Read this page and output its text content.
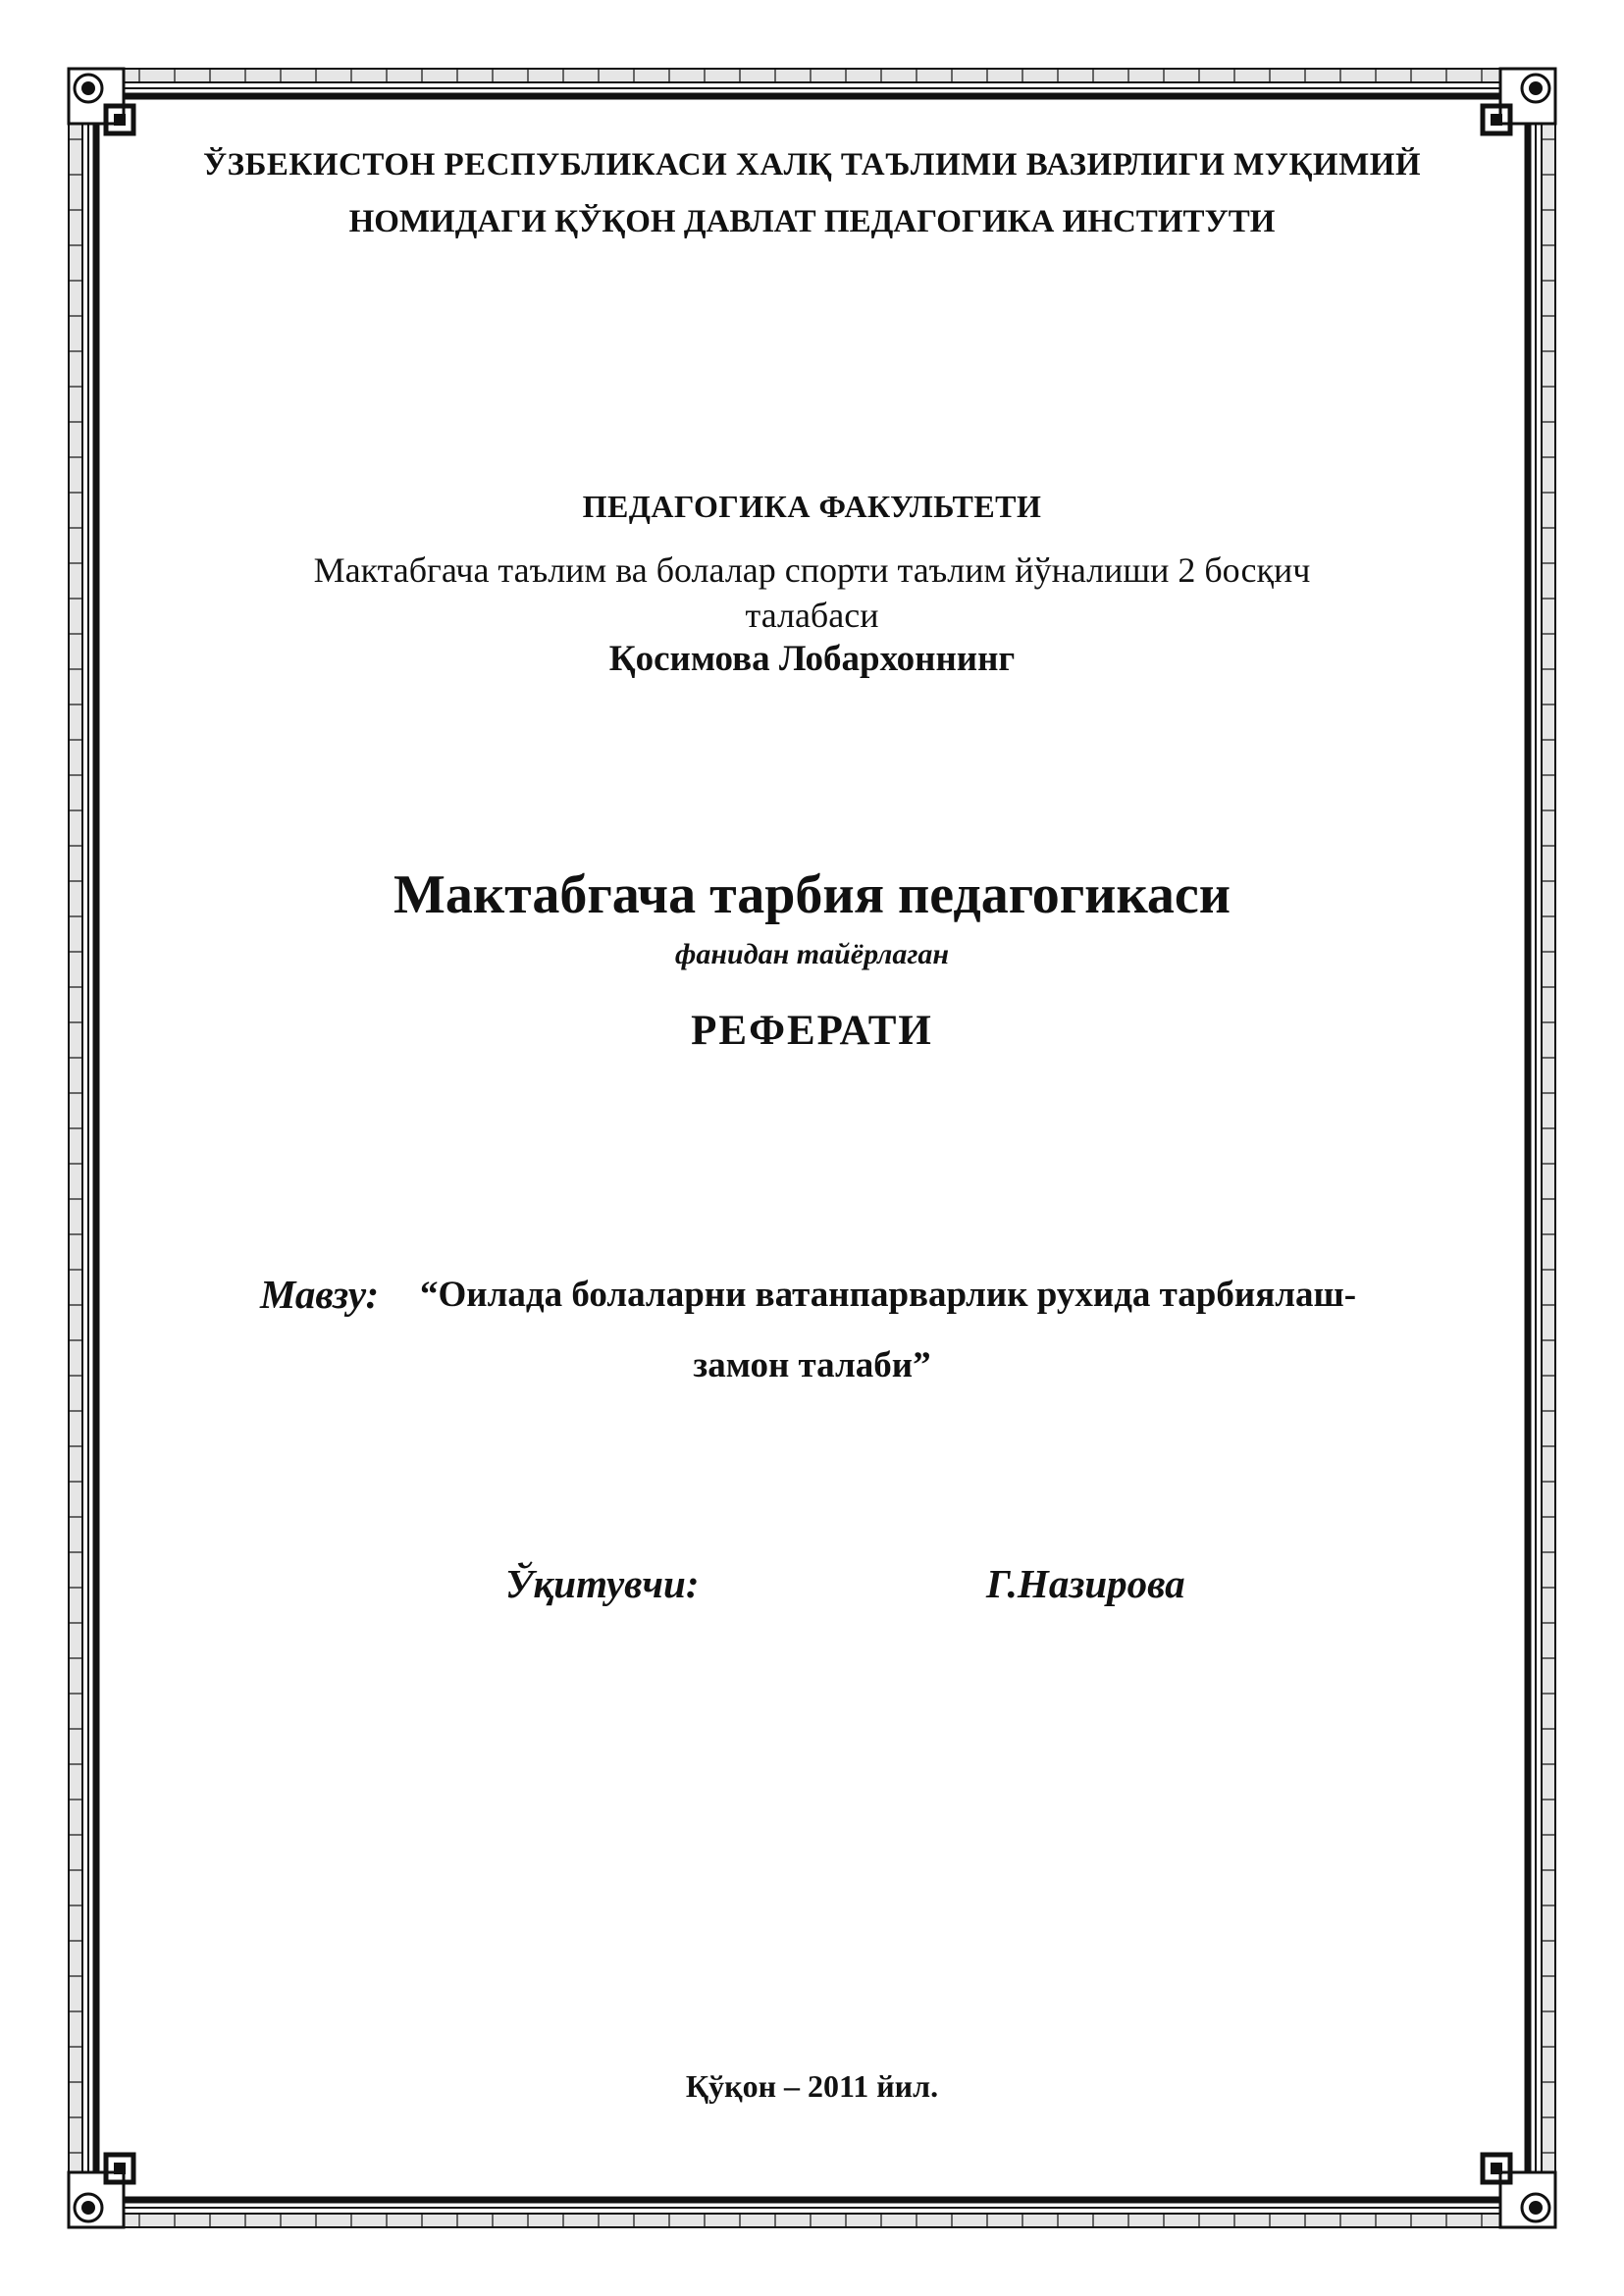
ЎЗБЕКИСТОН РЕСПУБЛИКАСИ ХАЛҚ ТАЪЛИМИ ВАЗИРЛИГИ МУҚИМИЙ

НОМИДАГИ ҚЎҚОН ДАВЛАТ ПЕДАГОГИКА ИНСТИТУТИ

ПЕДАГОГИКА ФАКУЛЬТЕТИ

Мактабгача таълим ва болалар спорти таълим йўналиши 2 босқич

талабаси

Қосимова Лобархоннинг

Мактабгача тарбия педагогикаси

фанидан тайёрлаган

РЕФЕРАТИ

Мавзу: “Оилада болаларни ватанпарварлик рухида тарбиялаш-

замон талаби”

Ўқитувчи:	Г.Назирова

Қўқон – 2011 йил.
